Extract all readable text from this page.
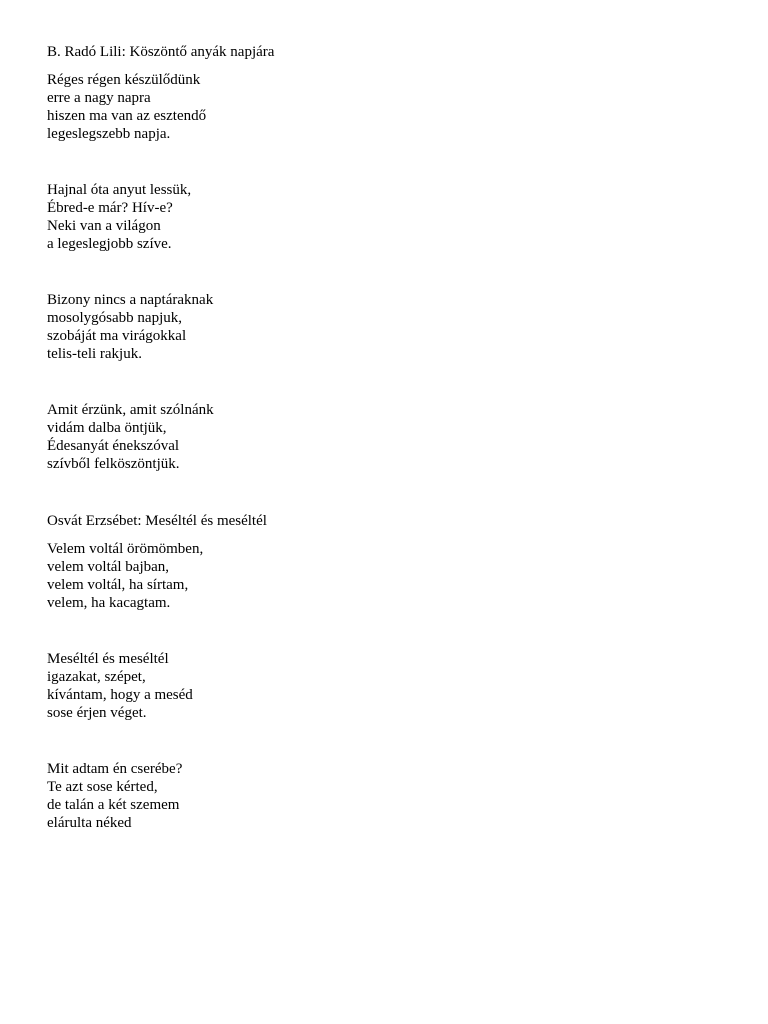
B. Radó Lili: Köszöntő anyák napjára
Réges régen készülődünk
erre a nagy napra
hiszen ma van az esztendő
legeslegszebb napja.
Hajnal óta anyut lessük,
Ébred-e már? Hív-e?
Neki van a világon
a legeslegjobb szíve.
Bizony nincs a naptáraknak
mosolygósabb napjuk,
szobáját ma virágokkal
telis-teli rakjuk.
Amit érzünk, amit szólnánk
vidám dalba öntjük,
Édesanyát énekszóval
szívből felköszöntjük.
Osvát Erzsébet: Meséltél és meséltél
Velem voltál örömömben,
velem voltál bajban,
velem voltál, ha sírtam,
velem, ha kacagtam.
Meséltél és meséltél
igazakat, szépet,
kívántam, hogy a meséd
sose érjen véget.
Mit adtam én cserébe?
Te azt sose kérted,
de talán a két szemem
elárulta néked
